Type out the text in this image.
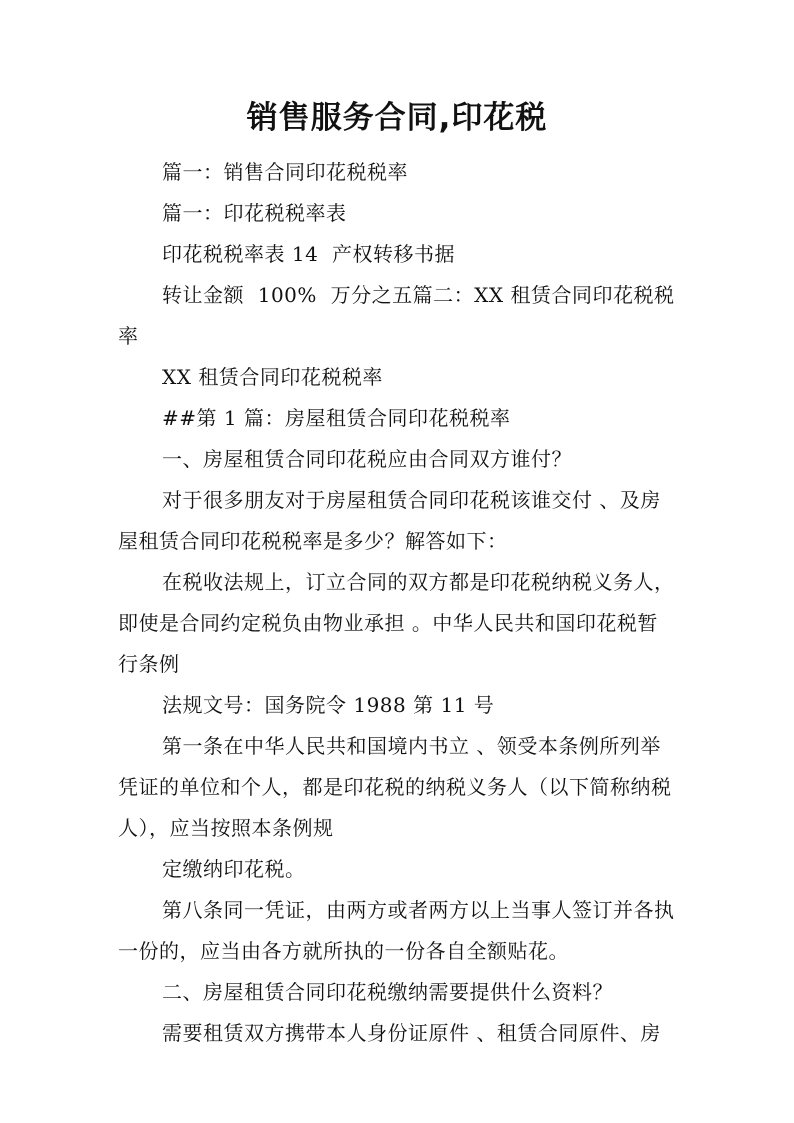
销售服务合同,印花税

篇一：销售合同印花税税率

篇一：印花税税率表

印花税税率表 14  产权转移书据

转让金额  100%  万分之五篇二：XX 租赁合同印花税税率

XX 租赁合同印花税税率

##第 1 篇：房屋租赁合同印花税税率

一、房屋租赁合同印花税应由合同双方谁付？

对于很多朋友对于房屋租赁合同印花税该谁交付 、及房屋租赁合同印花税税率是多少？解答如下：

在税收法规上，订立合同的双方都是印花税纳税义务人，即使是合同约定税负由物业承担 。中华人民共和国印花税暂行条例

法规文号：国务院令 1988 第 11 号

第一条在中华人民共和国境内书立 、领受本条例所列举凭证的单位和个人，都是印花税的纳税义务人（以下简称纳税人），应当按照本条例规

定缴纳印花税。

第八条同一凭证，由两方或者两方以上当事人签订并各执一份的，应当由各方就所执的一份各自全额贴花。

二、房屋租赁合同印花税缴纳需要提供什么资料？

需要租赁双方携带本人身份证原件 、租赁合同原件、房
